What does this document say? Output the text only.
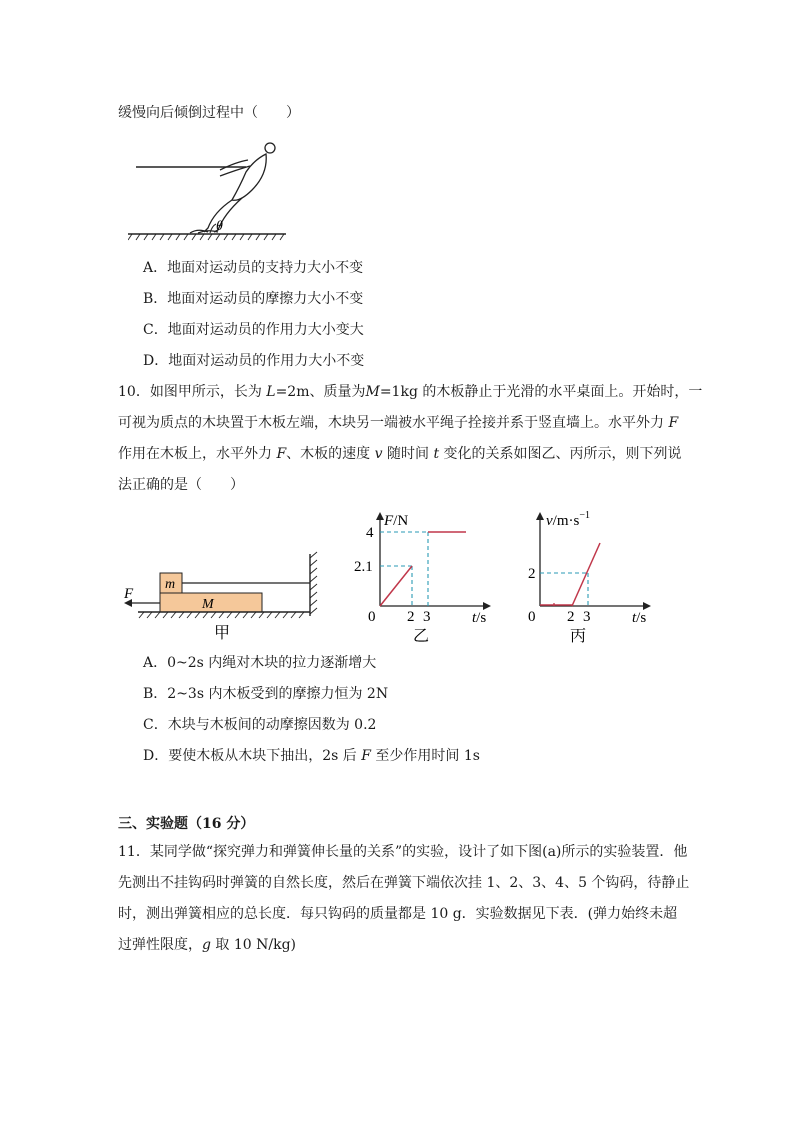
缓慢向后倾倒过程中（　　）
θ
A．地面对运动员的支持力大小不变
B．地面对运动员的摩擦力大小不变
C．地面对运动员的作用力大小变大
D．地面对运动员的作用力大小不变
10．如图甲所示，长为 L=2m、质量为M=1kg 的木板静止于光滑的水平桌面上。开始时，一
可视为质点的木块置于木板左端，木块另一端被水平绳子拴接并系于竖直墙上。水平外力 F
作用在木板上，水平外力 F、木板的速度 v 随时间 t 变化的关系如图乙、丙所示，则下列说
法正确的是（　　）
m
M
F
甲
F/N
4
2.1
0 2 3	t/s
乙
$v/m\cdot s^{-1}$
2
0 2 3	t/s
丙
A．0~2s 内绳对木块的拉力逐渐增大
B．2~3s 内木板受到的摩擦力恒为 2N
C．木块与木板间的动摩擦因数为 0.2
D．要使木板从木块下抽出，2s 后 F 至少作用时间 1s
三、实验题（16 分）
11．某同学做“探究弹力和弹簧伸长量的关系”的实验，设计了如下图(a)所示的实验装置．他
先测出不挂钩码时弹簧的自然长度，然后在弹簧下端依次挂 1、2、3、4、5 个钩码，待静止
时，测出弹簧相应的总长度．每只钩码的质量都是 10 g．实验数据见下表．(弹力始终未超
过弹性限度，g 取 10 N/kg)
